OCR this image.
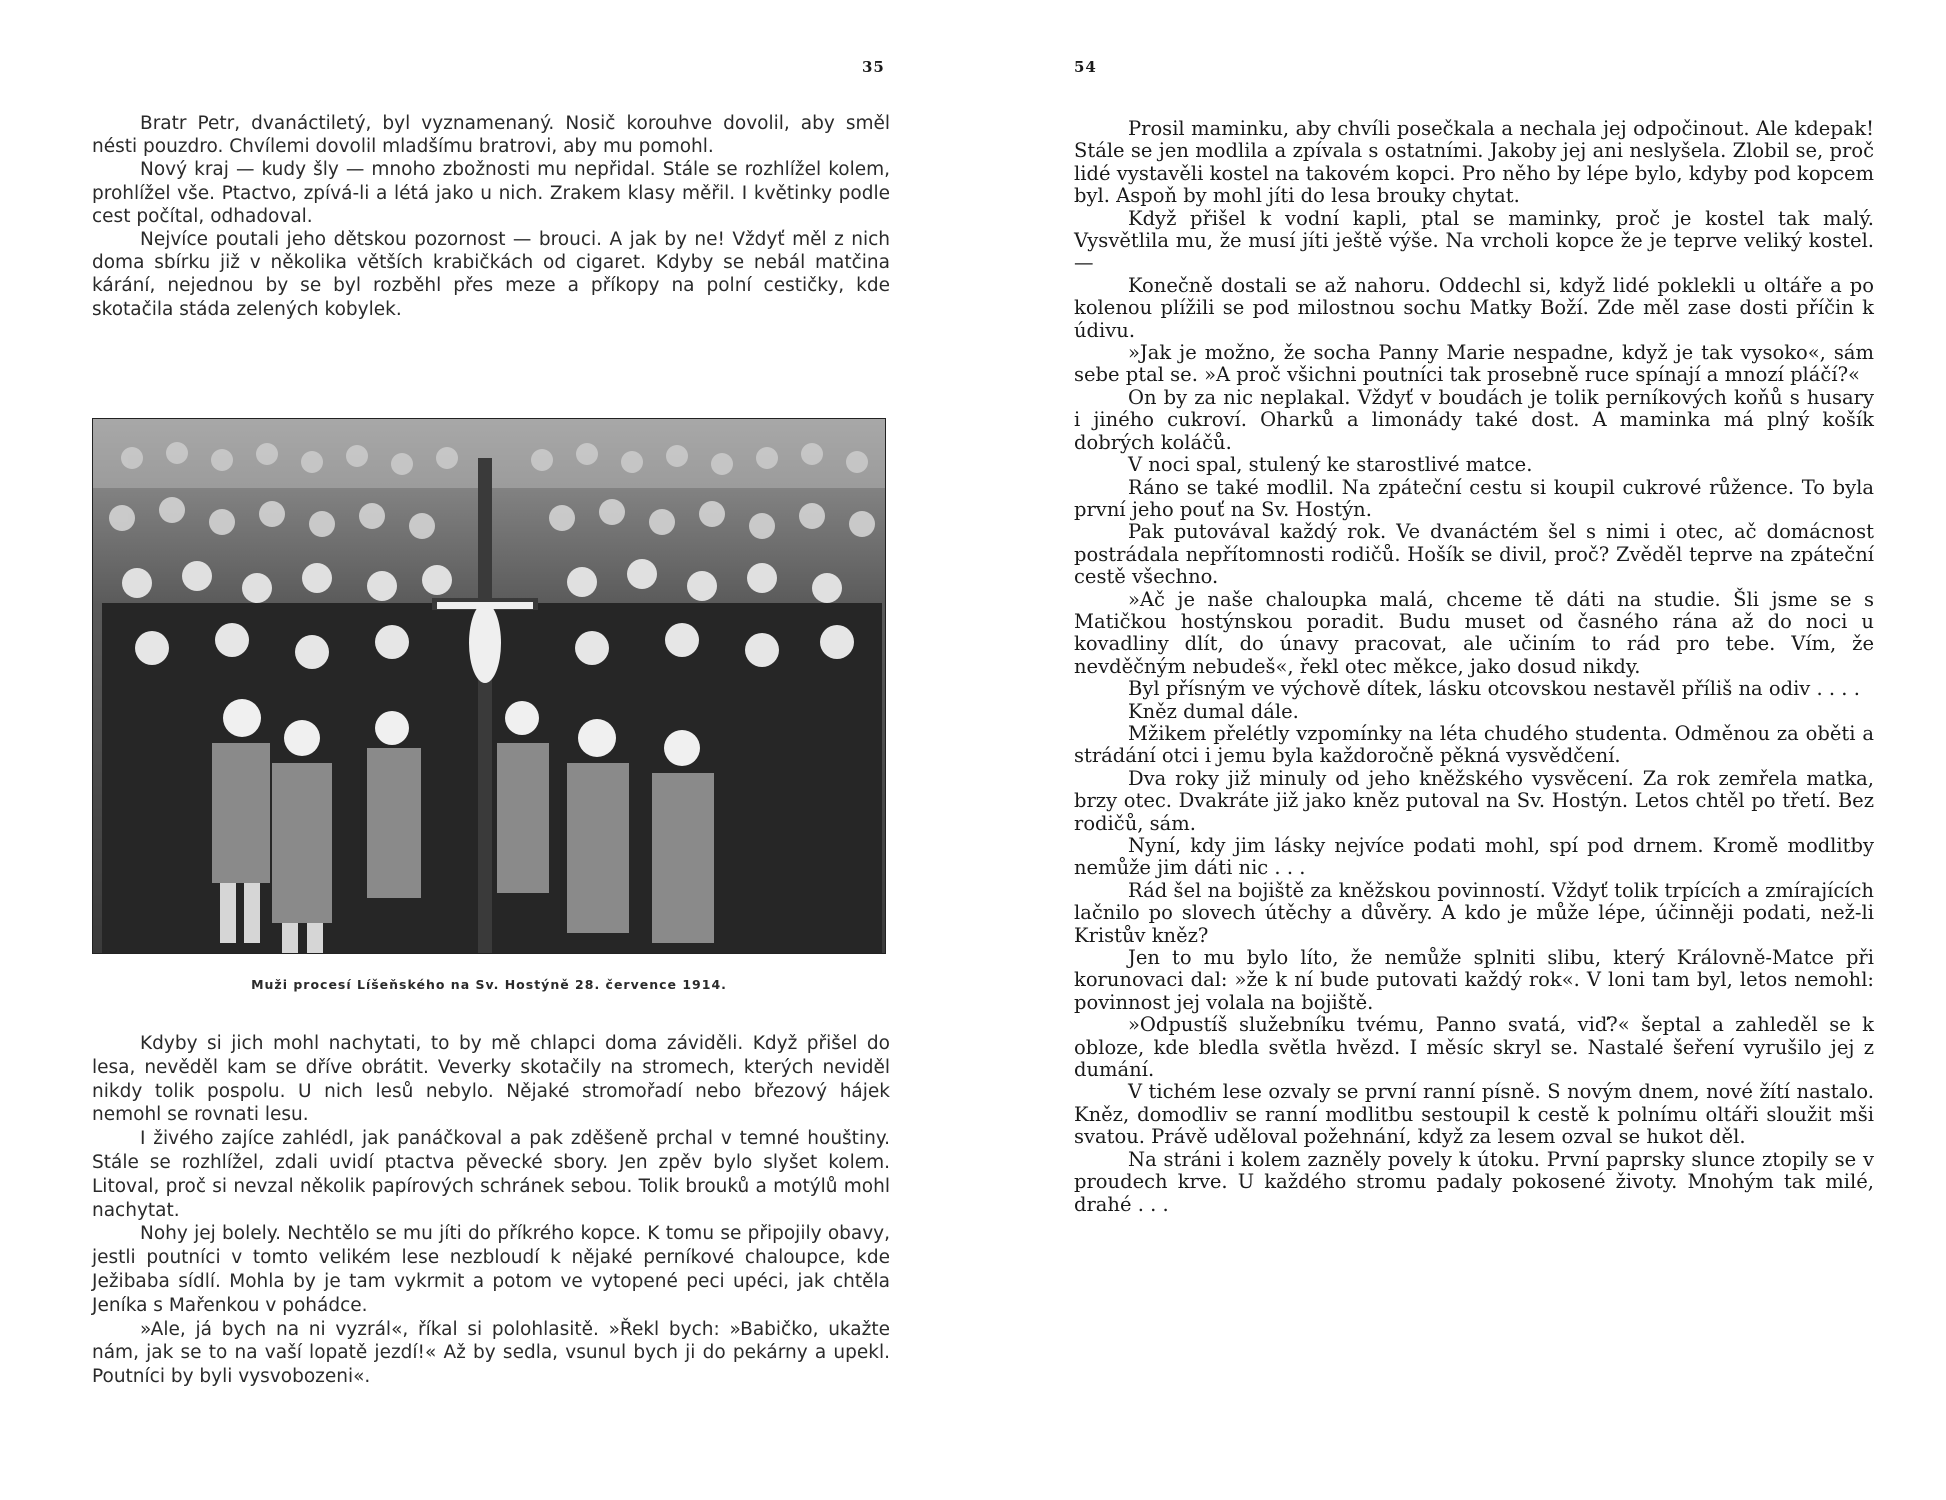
35

Bratr Petr, dvanáctiletý, byl vyznamenaný. Nosič korouhve dovolil, aby směl nésti pouzdro. Chvílemi dovolil mladšímu bratrovi, aby mu pomohl.

Nový kraj — kudy šly — mnoho zbožnosti mu nepřidal. Stále se rozhlížel kolem, prohlížel vše. Ptactvo, zpívá-li a létá jako u nich. Zrakem klasy měřil. I květinky podle cest počítal, odhadoval.

Nejvíce poutali jeho dětskou pozornost — brouci. A jak by ne! Vždyť měl z nich doma sbírku již v několika větších krabičkách od cigaret. Kdyby se nebál matčina kárání, nejednou by se byl rozběhl přes meze a příkopy na polní cestičky, kde skotačila stáda zelených kobylek.

Muži procesí Líšeňského na Sv. Hostýně 28. července 1914.

Kdyby si jich mohl nachytati, to by mě chlapci doma záviděli. Když přišel do lesa, nevěděl kam se dříve obrátit. Veverky skotačily na stromech, kterých neviděl nikdy tolik pospolu. U nich lesů nebylo. Nějaké stromořadí nebo březový hájek nemohl se rovnati lesu.

I živého zajíce zahlédl, jak panáčkoval a pak zděšeně prchal v temné houštiny. Stále se rozhlížel, zdali uvidí ptactva pěvecké sbory. Jen zpěv bylo slyšet kolem. Litoval, proč si nevzal několik papírových schránek sebou. Tolik brouků a motýlů mohl nachytat.

Nohy jej bolely. Nechtělo se mu jíti do příkrého kopce. K tomu se připojily obavy, jestli poutníci v tomto velikém lese nezbloudí k nějaké perníkové chaloupce, kde Ježibaba sídlí. Mohla by je tam vykrmit a potom ve vytopené peci upéci, jak chtěla Jeníka s Mařenkou v pohádce.

»Ale, já bych na ni vyzrál«, říkal si polohlasitě. »Řekl bych: »Babičko, ukažte nám, jak se to na vaší lopatě jezdí!« Až by sedla, vsunul bych ji do pekárny a upekl. Poutníci by byli vysvobozeni«.

54

Prosil maminku, aby chvíli posečkala a nechala jej odpočinout. Ale kdepak! Stále se jen modlila a zpívala s ostatními. Jakoby jej ani neslyšela. Zlobil se, proč lidé vystavěli kostel na takovém kopci. Pro něho by lépe bylo, kdyby pod kopcem byl. Aspoň by mohl jíti do lesa brouky chytat.

Když přišel k vodní kapli, ptal se maminky, proč je kostel tak malý. Vysvětlila mu, že musí jíti ještě výše. Na vrcholi kopce že je teprve veliký kostel. —

Konečně dostali se až nahoru. Oddechl si, když lidé poklekli u oltáře a po kolenou plížili se pod milostnou sochu Matky Boží. Zde měl zase dosti příčin k údivu.

»Jak je možno, že socha Panny Marie nespadne, když je tak vysoko«, sám sebe ptal se. »A proč všichni poutníci tak prosebně ruce spínají a mnozí pláčí?«

On by za nic neplakal. Vždyť v boudách je tolik perníkových koňů s husary i jiného cukroví. Oharků a limonády také dost. A maminka má plný košík dobrých koláčů.

V noci spal, stulený ke starostlivé matce.

Ráno se také modlil. Na zpáteční cestu si koupil cukrové růžence. To byla první jeho pouť na Sv. Hostýn.

Pak putovával každý rok. Ve dvanáctém šel s nimi i otec, ač domácnost postrádala nepřítomnosti rodičů. Hošík se divil, proč? Zvěděl teprve na zpáteční cestě všechno.

»Ač je naše chaloupka malá, chceme tě dáti na studie. Šli jsme se s Matičkou hostýnskou poradit. Budu muset od časného rána až do noci u kovadliny dlít, do únavy pracovat, ale učiním to rád pro tebe. Vím, že nevděčným nebudeš«, řekl otec měkce, jako dosud nikdy.

Byl přísným ve výchově dítek, lásku otcovskou nestavěl příliš na odiv . . . .

Kněz dumal dále.

Mžikem přelétly vzpomínky na léta chudého studenta. Odměnou za oběti a strádání otci i jemu byla každoročně pěkná vysvědčení.

Dva roky již minuly od jeho kněžského vysvěcení. Za rok zemřela matka, brzy otec. Dvakráte již jako kněz putoval na Sv. Hostýn. Letos chtěl po třetí. Bez rodičů, sám.

Nyní, kdy jim lásky nejvíce podati mohl, spí pod drnem. Kromě modlitby nemůže jim dáti nic . . .

Rád šel na bojiště za kněžskou povinností. Vždyť tolik trpících a zmírajících lačnilo po slovech útěchy a důvěry. A kdo je může lépe, účinněji podati, než-li Kristův kněz?

Jen to mu bylo líto, že nemůže splniti slibu, který Královně-Matce při korunovaci dal: »že k ní bude putovati každý rok«. V loni tam byl, letos nemohl: povinnost jej volala na bojiště.

»Odpustíš služebníku tvému, Panno svatá, viď?« šeptal a zahleděl se k obloze, kde bledla světla hvězd. I měsíc skryl se. Nastalé šeření vyrušilo jej z dumání.

V tichém lese ozvaly se první ranní písně. S novým dnem, nové žítí nastalo. Kněz, domodliv se ranní modlitbu sestoupil k cestě k polnímu oltáři sloužit mši svatou. Právě uděloval požehnání, když za lesem ozval se hukot děl.

Na stráni i kolem zazněly povely k útoku. První paprsky slunce ztopily se v proudech krve. U každého stromu padaly pokosené životy. Mnohým tak milé, drahé . . .
